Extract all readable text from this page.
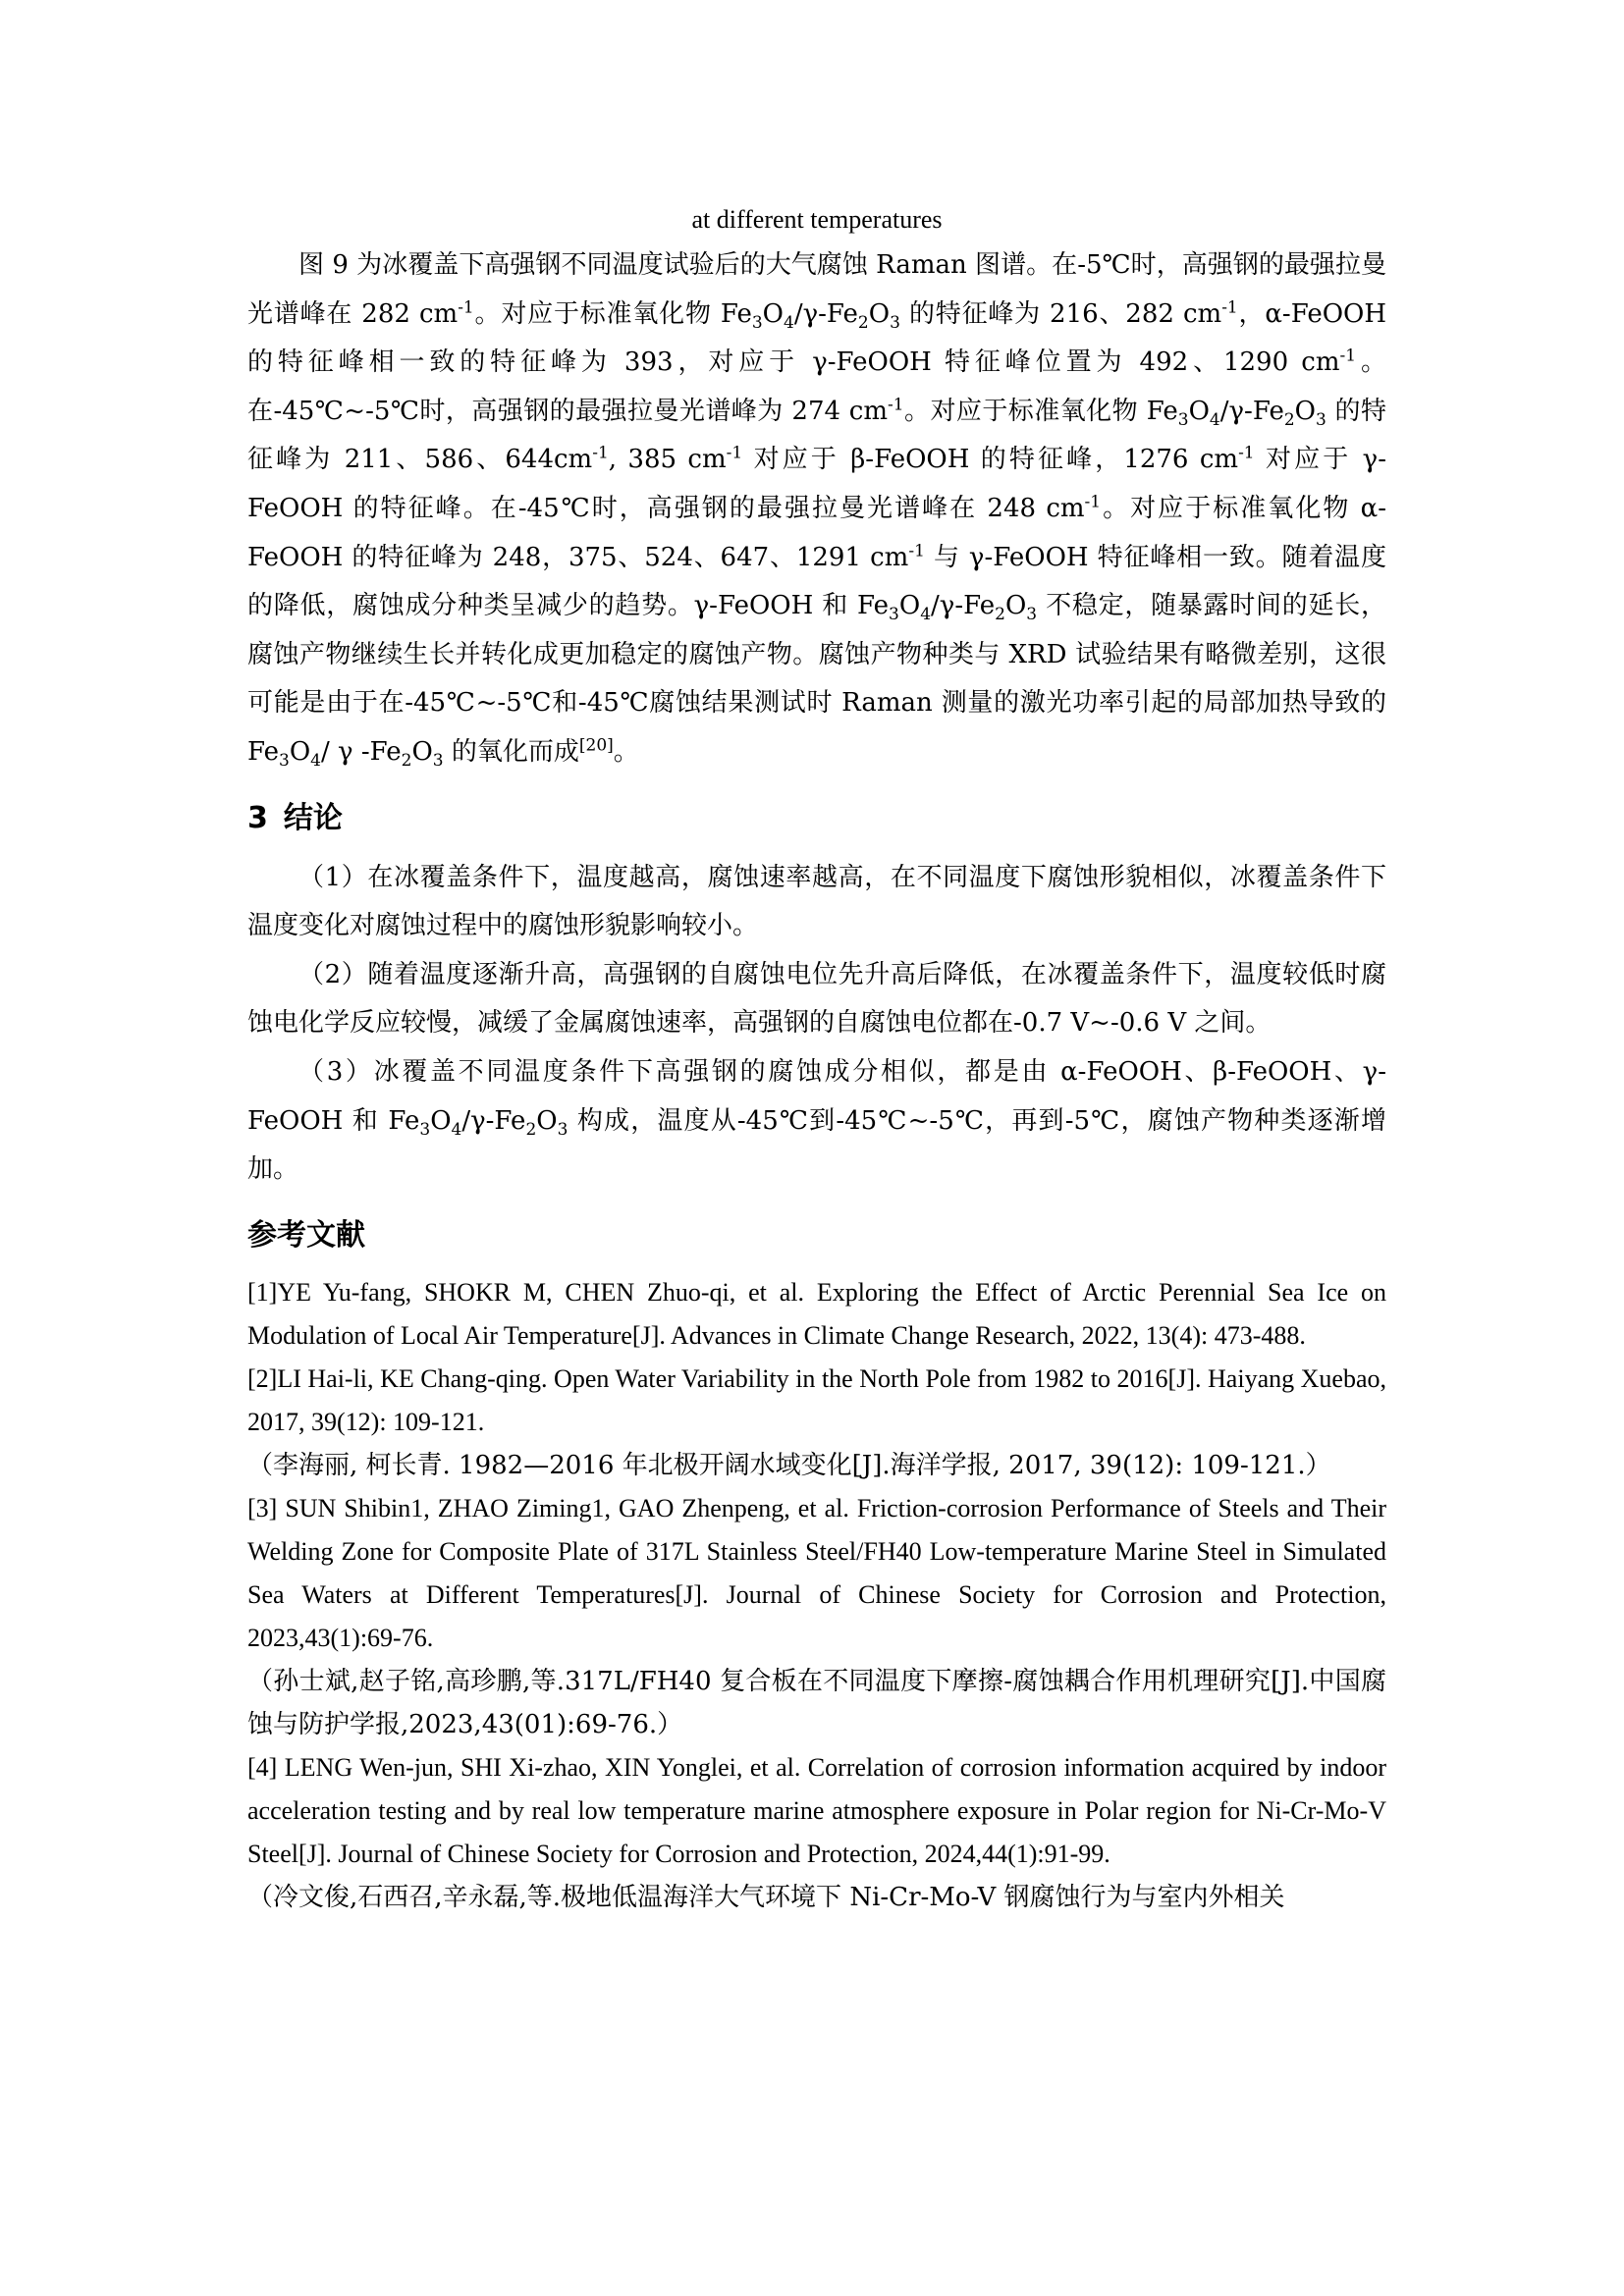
at different temperatures

图 9 为冰覆盖下高强钢不同温度试验后的大气腐蚀 Raman 图谱。在-5℃时，高强钢的最强拉曼光谱峰在 282 $cm^{-1}$。对应于标准氧化物 $Fe_3O_4/\gamma-Fe_2O_3$ 的特征峰为 216、282 $cm^{-1}$，α-FeOOH 的特征峰相一致的特征峰为 393，对应于 γ-FeOOH 特征峰位置为 492、1290 $cm^{-1}$。在-45℃~-5℃时，高强钢的最强拉曼光谱峰为 274 $cm^{-1}$。对应于标准氧化物 $Fe_3O_4/\gamma-Fe_2O_3$ 的特征峰为 211、586、$644cm^{-1}$, 385 $cm^{-1}$ 对应于 β-FeOOH 的特征峰，1276 $cm^{-1}$ 对应于 γ-FeOOH 的特征峰。在-45℃时，高强钢的最强拉曼光谱峰在 248 $cm^{-1}$。对应于标准氧化物 α-FeOOH 的特征峰为 248，375、524、647、1291 $cm^{-1}$ 与 γ-FeOOH 特征峰相一致。随着温度的降低，腐蚀成分种类呈减少的趋势。γ-FeOOH 和 $Fe_3O_4/\gamma-Fe_2O_3$ 不稳定，随暴露时间的延长，腐蚀产物继续生长并转化成更加稳定的腐蚀产物。腐蚀产物种类与 XRD 试验结果有略微差别，这很可能是由于在-45℃~-5℃和-45℃腐蚀结果测试时 Raman 测量的激光功率引起的局部加热导致的 $Fe_3O_4/$ γ $-Fe_2O_3$ 的氧化而成[20]。

3 结论

（1）在冰覆盖条件下，温度越高，腐蚀速率越高，在不同温度下腐蚀形貌相似，冰覆盖条件下温度变化对腐蚀过程中的腐蚀形貌影响较小。

（2）随着温度逐渐升高，高强钢的自腐蚀电位先升高后降低，在冰覆盖条件下，温度较低时腐蚀电化学反应较慢，减缓了金属腐蚀速率，高强钢的自腐蚀电位都在-0.7 V~-0.6 V 之间。

（3）冰覆盖不同温度条件下高强钢的腐蚀成分相似，都是由 α-FeOOH、β-FeOOH、γ-FeOOH 和 $Fe_3O_4/\gamma-Fe_2O_3$ 构成，温度从-45℃到-45℃~-5℃，再到-5℃，腐蚀产物种类逐渐增加。

参考文献

[1]YE Yu-fang, SHOKR M, CHEN Zhuo-qi, et al. Exploring the Effect of Arctic Perennial Sea Ice on Modulation of Local Air Temperature[J]. Advances in Climate Change Research, 2022, 13(4): 473-488.

[2]LI Hai-li, KE Chang-qing. Open Water Variability in the North Pole from 1982 to 2016[J]. Haiyang Xuebao, 2017, 39(12): 109-121.

（李海丽, 柯长青. 1982—2016 年北极开阔水域变化[J].海洋学报, 2017, 39(12): 109-121.）

[3] SUN Shibin1, ZHAO Ziming1, GAO Zhenpeng, et al. Friction-corrosion Performance of Steels and Their Welding Zone for Composite Plate of 317L Stainless Steel/FH40 Low-temperature Marine Steel in Simulated Sea Waters at Different Temperatures[J]. Journal of Chinese Society for Corrosion and Protection, 2023,43(1):69-76.

（孙士斌,赵子铭,高珍鹏,等.317L/FH40 复合板在不同温度下摩擦-腐蚀耦合作用机理研究[J].中国腐蚀与防护学报,2023,43(01):69-76.）

[4] LENG Wen-jun, SHI Xi-zhao, XIN Yonglei, et al. Correlation of corrosion information acquired by indoor acceleration testing and by real low temperature marine atmosphere exposure in Polar region for Ni-Cr-Mo-V Steel[J]. Journal of Chinese Society for Corrosion and Protection, 2024,44(1):91-99.

（冷文俊,石西召,辛永磊,等.极地低温海洋大气环境下 Ni-Cr-Mo-V 钢腐蚀行为与室内外相关
